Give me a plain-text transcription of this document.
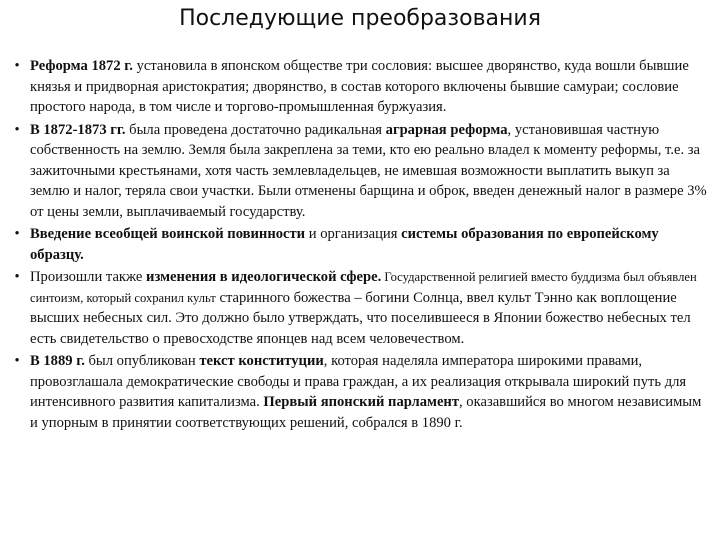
Последующие преобразования
• Реформа 1872 г. установила в японском обществе три сословия: высшее дворянство, куда вошли бывшие князья и придворная аристократия; дворянство, в состав которого включены бывшие самураи; сословие простого народа, в том числе и торгово-промышленная буржуазия.
• В 1872-1873 гг. была проведена достаточно радикальная аграрная реформа, установившая частную собственность на землю. Земля была закреплена за теми, кто ею реально владел к моменту реформы, т.е. за зажиточными крестьянами, хотя часть землевладельцев, не имевшая возможности выплатить выкуп за землю и налог, теряла свои участки. Были отменены барщина и оброк, введен денежный налог в размере 3% от цены земли, выплачиваемый государству.
• Введение всеобщей воинской повинности и организация системы образования по европейскому образцу.
• Произошли также изменения в идеологической сфере. Государственной религией вместо буддизма был объявлен синтоизм, который сохранил культ старинного божества – богини Солнца, ввел культ Тэнно как воплощение высших небесных сил. Это должно было утверждать, что поселившееся в Японии божество небесных тел есть свидетельство о превосходстве японцев над всем человечеством.
• В 1889 г. был опубликован текст конституции, которая наделяла императора широкими правами, провозглашала демократические свободы и права граждан, а их реализация открывала широкий путь для интенсивного развития капитализма. Первый японский парламент, оказавшийся во многом независимым и упорным в принятии соответствующих решений, собрался в 1890 г.
